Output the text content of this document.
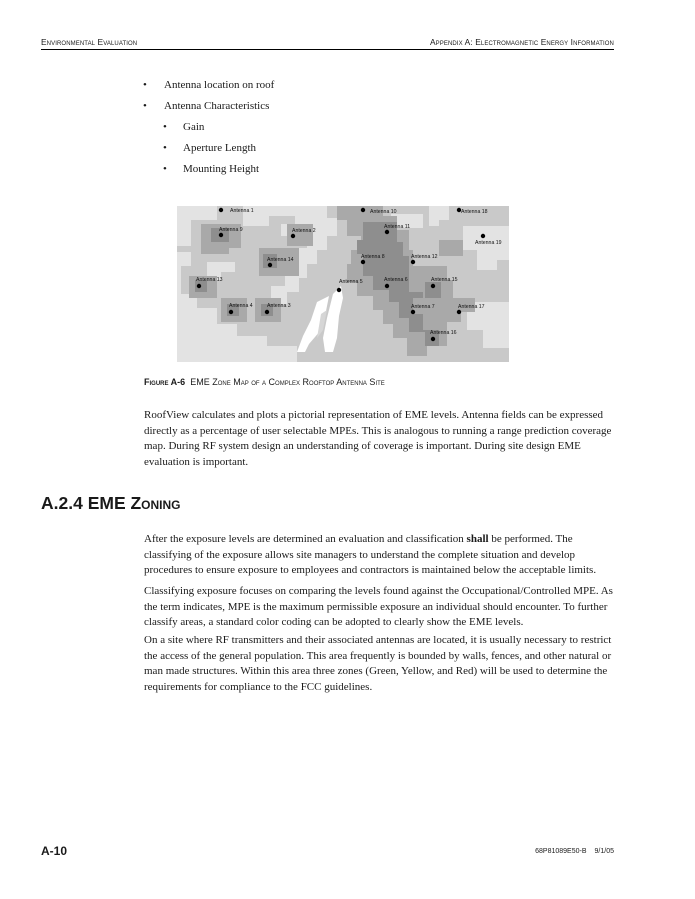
Environmental Evaluation	Appendix A: Electromagnetic Energy Information
• Antenna location on roof
• Antenna Characteristics
• Gain
• Aperture Length
• Mounting Height
Antenna 1
Antenna 2
Antenna 3
Antenna 4
Antenna 5	Antenna 6
Antenna 7
Antenna 8
Antenna 9
Antenna 10
Antenna 11
Antenna 12
Antenna 13
Antenna 14
Antenna 15
Antenna 16
Antenna 17
Antenna 18
Antenna 19
Figure A-6 EME Zone Map of a Complex Rooftop Antenna Site

RoofView calculates and plots a pictorial representation of EME levels. Antenna fields can be expressed directly as a percentage of user selectable MPEs. This is analogous to running a range prediction coverage map. During RF system design an understanding of coverage is important. During site design EME evaluation is important.

A.2.4 EME Zoning

After the exposure levels are determined an evaluation and classification shall be performed. The classifying of the exposure allows site managers to understand the complete situation and develop procedures to ensure exposure to employees and contractors is maintained below the acceptable limits.

Classifying exposure focuses on comparing the levels found against the Occupational/Controlled MPE. As the term indicates, MPE is the maximum permissible exposure an individual should encounter. To further classify areas, a standard color coding can be adopted to clearly show the EME levels.

On a site where RF transmitters and their associated antennas are located, it is usually necessary to restrict the access of the general population. This area frequently is bounded by walls, fences, and other natural or man made structures. Within this area three zones (Green, Yellow, and Red) will be used to determine the requirements for compliance to the FCC guidelines.

A-10	68P81089E50-B 9/1/05
